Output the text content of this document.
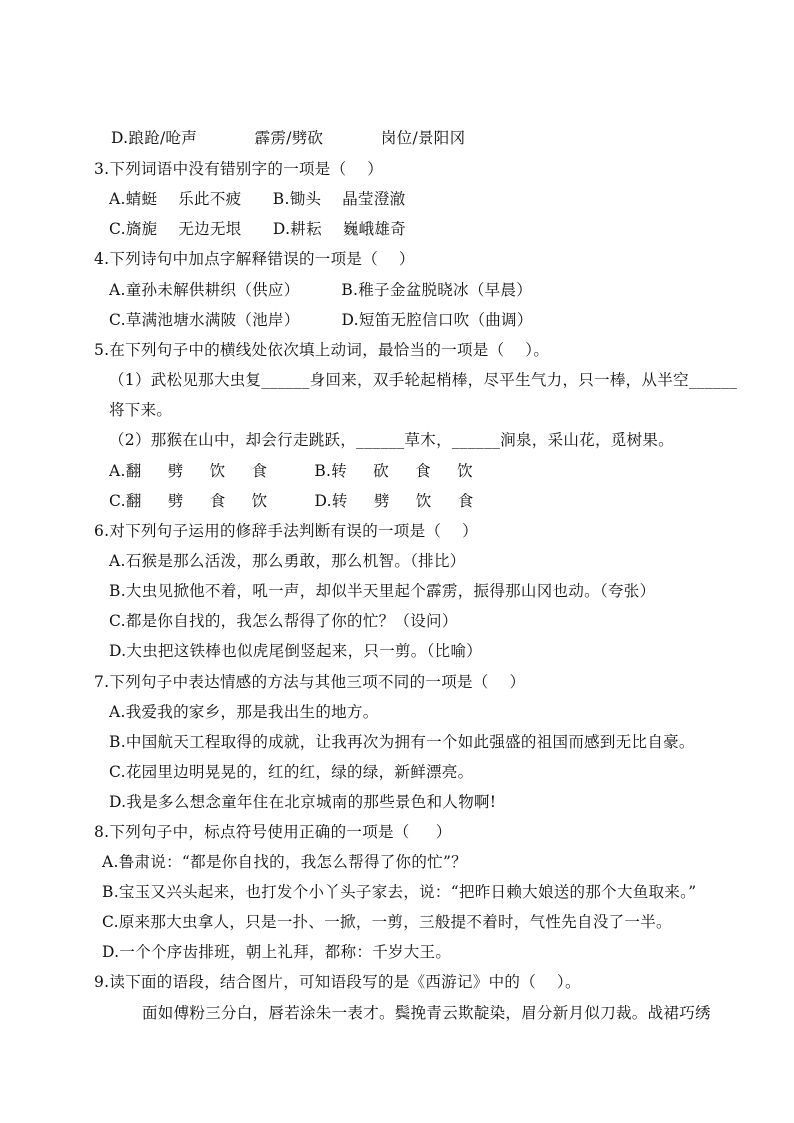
D.踉跄/呛声           霹雳/劈砍           岗位/景阳冈
3.下列词语中没有错别字的一项是（    ）
A.蜻蜓    乐此不疲      B.锄头    晶莹澄澈
C.旖旎    无边无垠      D.耕耘    巍峨雄奇
4.下列诗句中加点字解释错误的一项是（    ）
A.童孙未解供耕织（供应）        B.稚子金盆脱晓冰（早晨）
C.草满池塘水满陂（池岸）        D.短笛无腔信口吹（曲调）
5.在下列句子中的横线处依次填上动词，最恰当的一项是（    ）。
（1）武松见那大虫复______身回来，双手轮起梢棒，尽平生气力，只一棒，从半空______
将下来。
（2）那猴在山中，却会行走跳跃，______草木，______涧泉，采山花，觅树果。
A.翻     劈     饮     食         B.转     砍     食     饮
C.翻     劈     食     饮         D.转     劈     饮     食
6.对下列句子运用的修辞手法判断有误的一项是（    ）
A.石猴是那么活泼，那么勇敢，那么机智。（排比）
B.大虫见掀他不着，吼一声，却似半天里起个霹雳，振得那山冈也动。（夸张）
C.都是你自找的，我怎么帮得了你的忙？（设问）
D.大虫把这铁棒也似虎尾倒竖起来，只一剪。（比喻）
7.下列句子中表达情感的方法与其他三项不同的一项是（    ）
A.我爱我的家乡，那是我出生的地方。
B.中国航天工程取得的成就，让我再次为拥有一个如此强盛的祖国而感到无比自豪。
C.花园里边明晃晃的，红的红，绿的绿，新鲜漂亮。
D.我是多么想念童年住在北京城南的那些景色和人物啊!
8.下列句子中，标点符号使用正确的一项是（     ）
A.鲁肃说：“都是你自找的，我怎么帮得了你的忙”？
B.宝玉又兴头起来，也打发个小丫头子家去，说：“把昨日赖大娘送的那个大鱼取来。”
C.原来那大虫拿人，只是一扑、一掀，一剪，三般提不着时，气性先自没了一半。
D.一个个序齿排班，朝上礼拜，都称：千岁大王。
9.读下面的语段，结合图片，可知语段写的是《西游记》中的（    ）。
面如傅粉三分白，唇若涂朱一表才。鬓挽青云欺靛染，眉分新月似刀裁。战裙巧绣
